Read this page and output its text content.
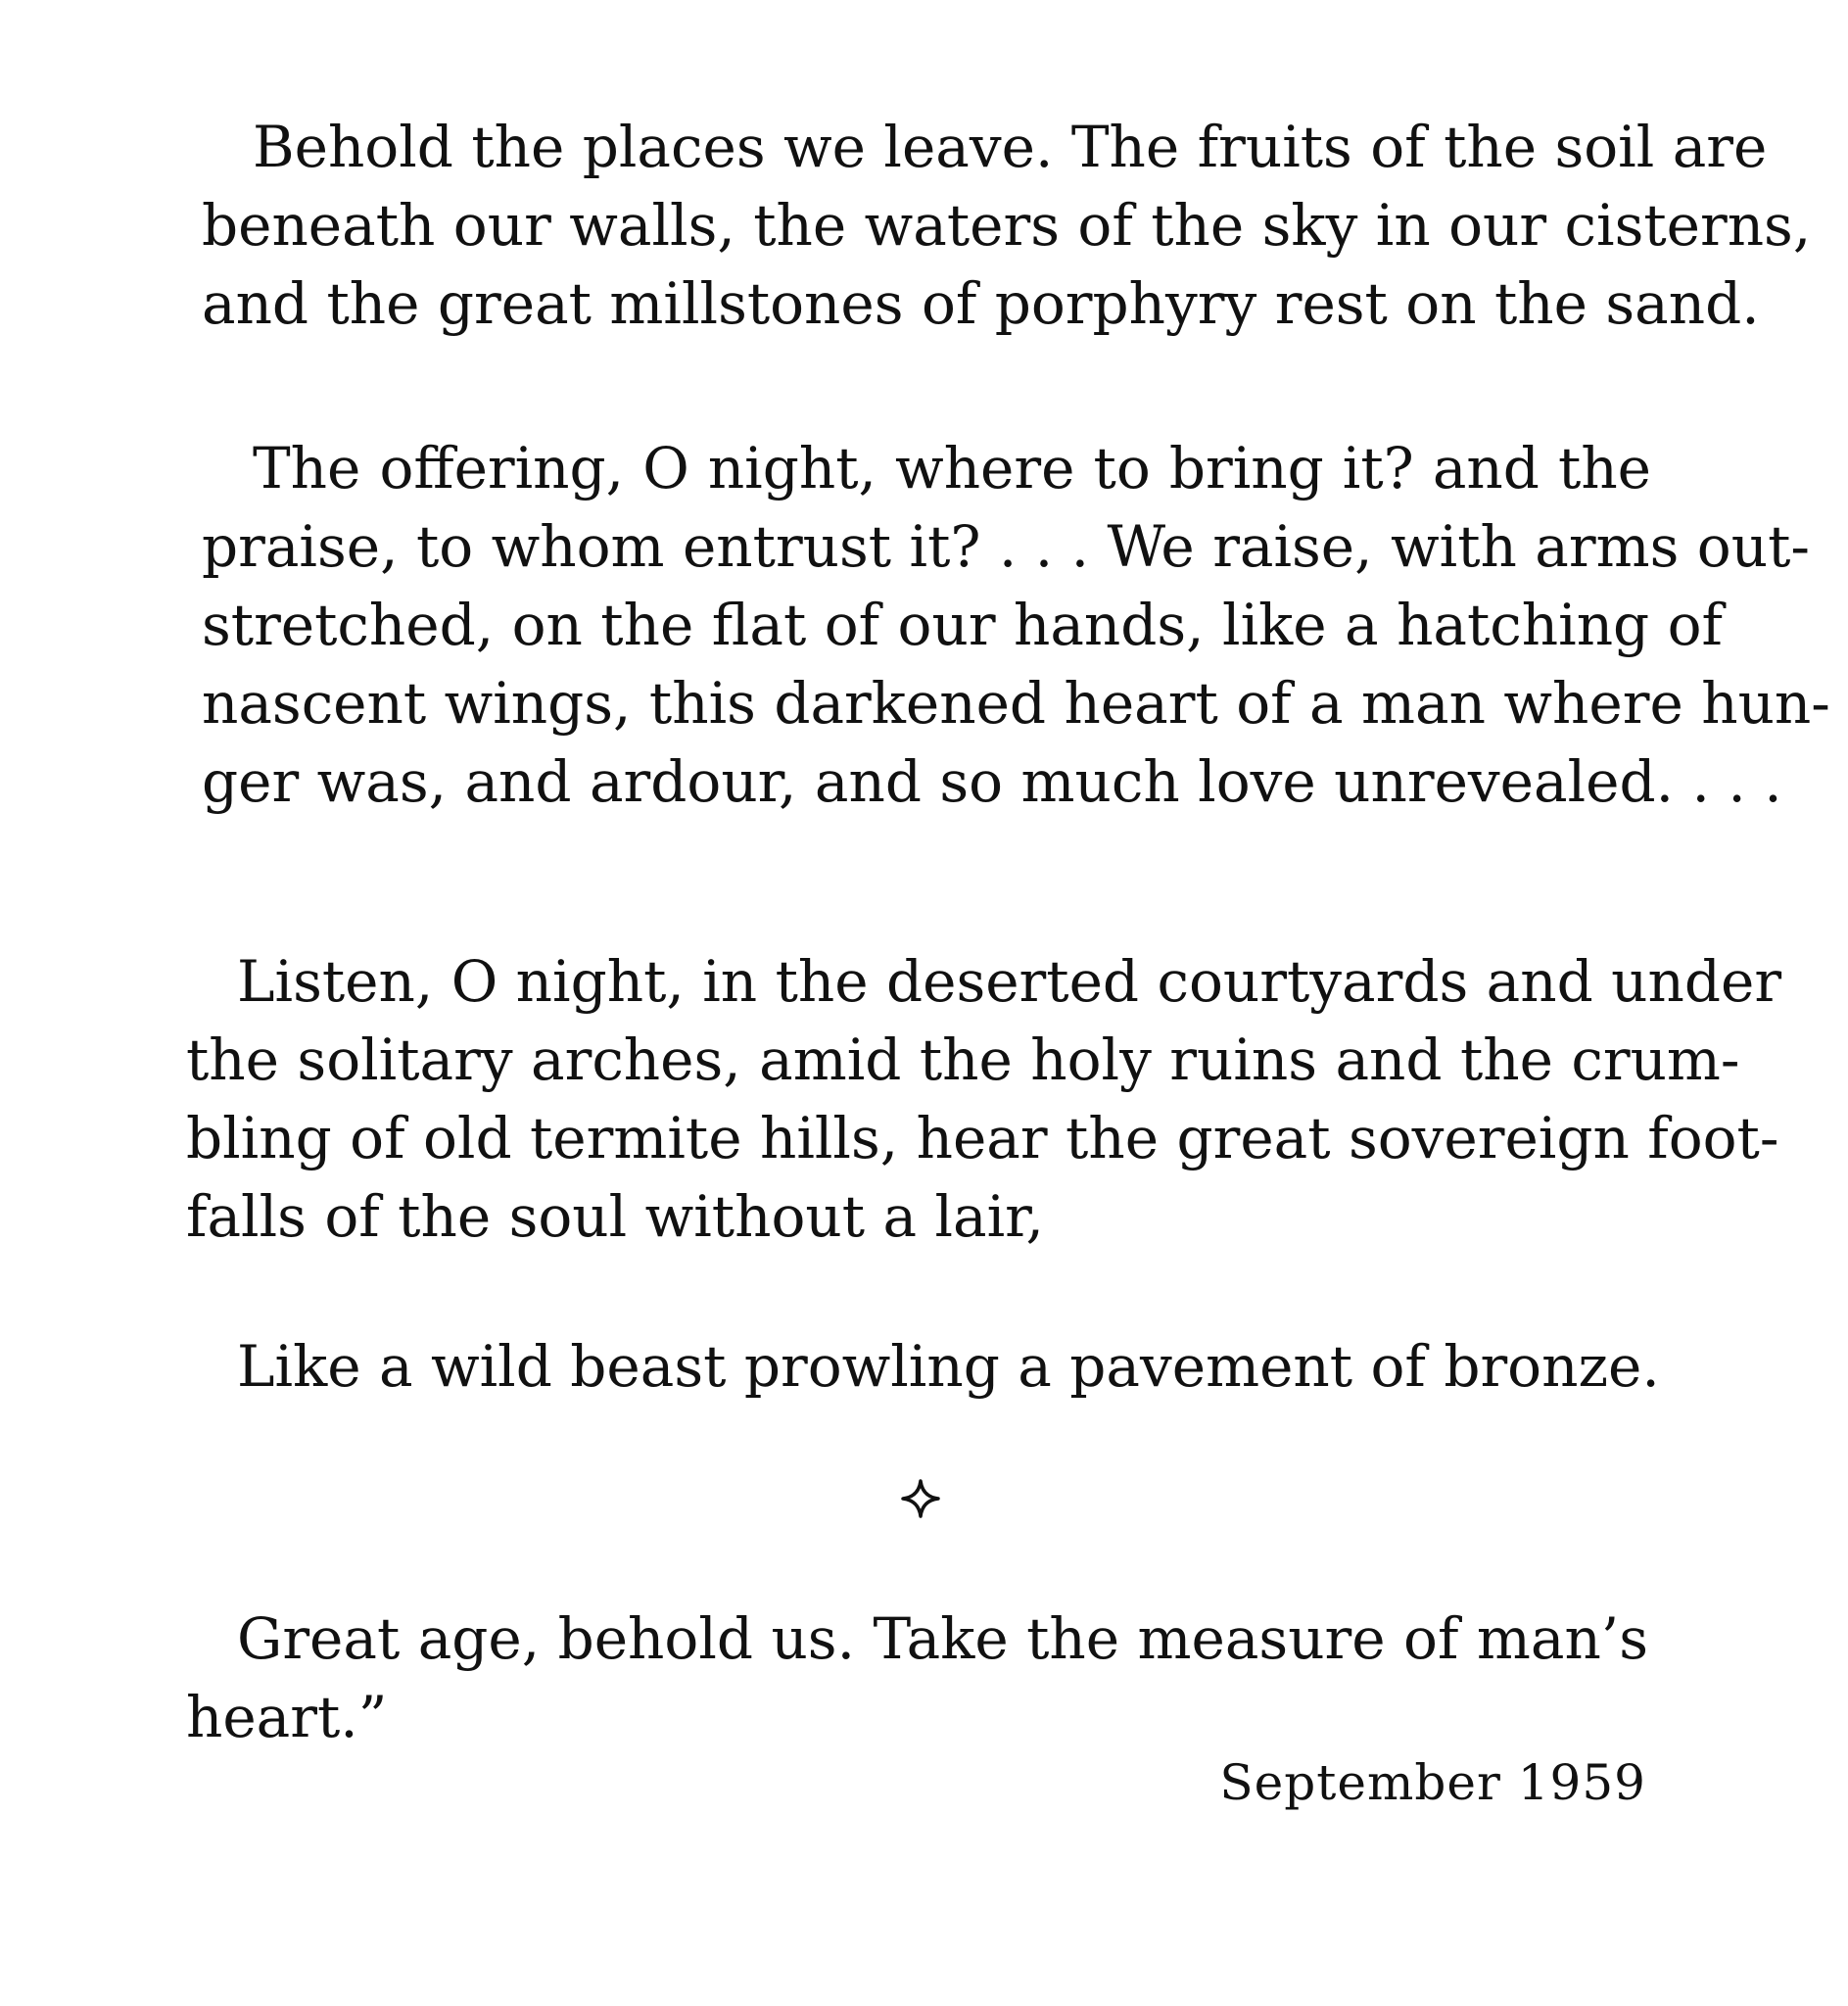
Behold the places we leave. The fruits of the soil are
beneath our walls, the waters of the sky in our cisterns,
and the great millstones of porphyry rest on the sand.
The offering, O night, where to bring it? and the
praise, to whom entrust it? . . . We raise, with arms out-
stretched, on the flat of our hands, like a hatching of
nascent wings, this darkened heart of a man where hun-
ger was, and ardour, and so much love unrevealed. . . .
Listen, O night, in the deserted courtyards and under
the solitary arches, amid the holy ruins and the crum-
bling of old termite hills, hear the great sovereign foot-
falls of the soul without a lair,
Like a wild beast prowling a pavement of bronze.
Great age, behold us. Take the measure of man’s
heart.”
September 1959
